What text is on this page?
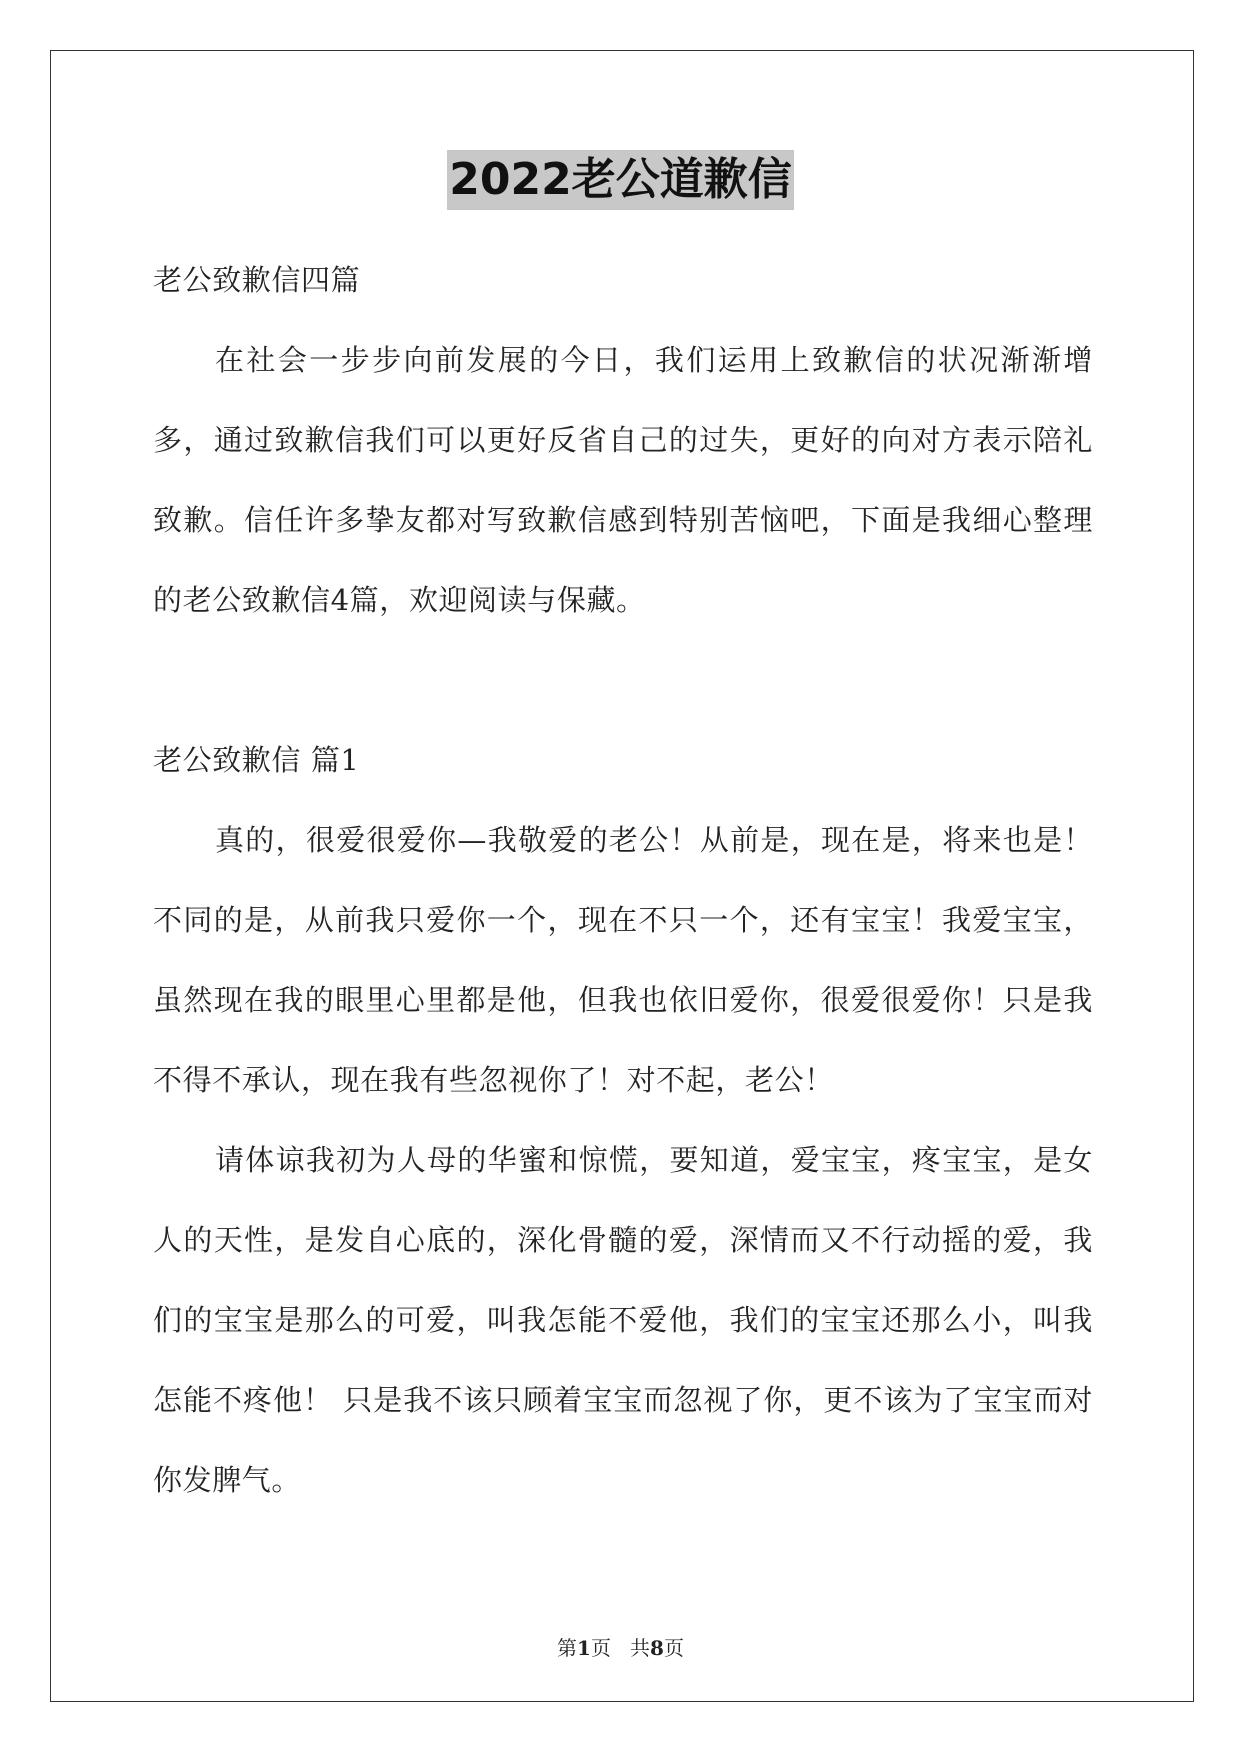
2022老公道歉信

老公致歉信四篇

在社会一步步向前发展的今日，我们运用上致歉信的状况渐渐增多，通过致歉信我们可以更好反省自己的过失，更好的向对方表示陪礼致歉。信任许多挚友都对写致歉信感到特别苦恼吧，下面是我细心整理的老公致歉信4篇，欢迎阅读与保藏。

老公致歉信 篇1

真的，很爱很爱你—我敬爱的老公！从前是，现在是，将来也是！不同的是，从前我只爱你一个，现在不只一个，还有宝宝！我爱宝宝，虽然现在我的眼里心里都是他，但我也依旧爱你，很爱很爱你！只是我不得不承认，现在我有些忽视你了！对不起，老公！

请体谅我初为人母的华蜜和惊慌，要知道，爱宝宝，疼宝宝，是女人的天性，是发自心底的，深化骨髓的爱，深情而又不行动摇的爱，我们的宝宝是那么的可爱，叫我怎能不爱他，我们的宝宝还那么小，叫我怎能不疼他！ 只是我不该只顾着宝宝而忽视了你，更不该为了宝宝而对你发脾气。

第1页 共8页
